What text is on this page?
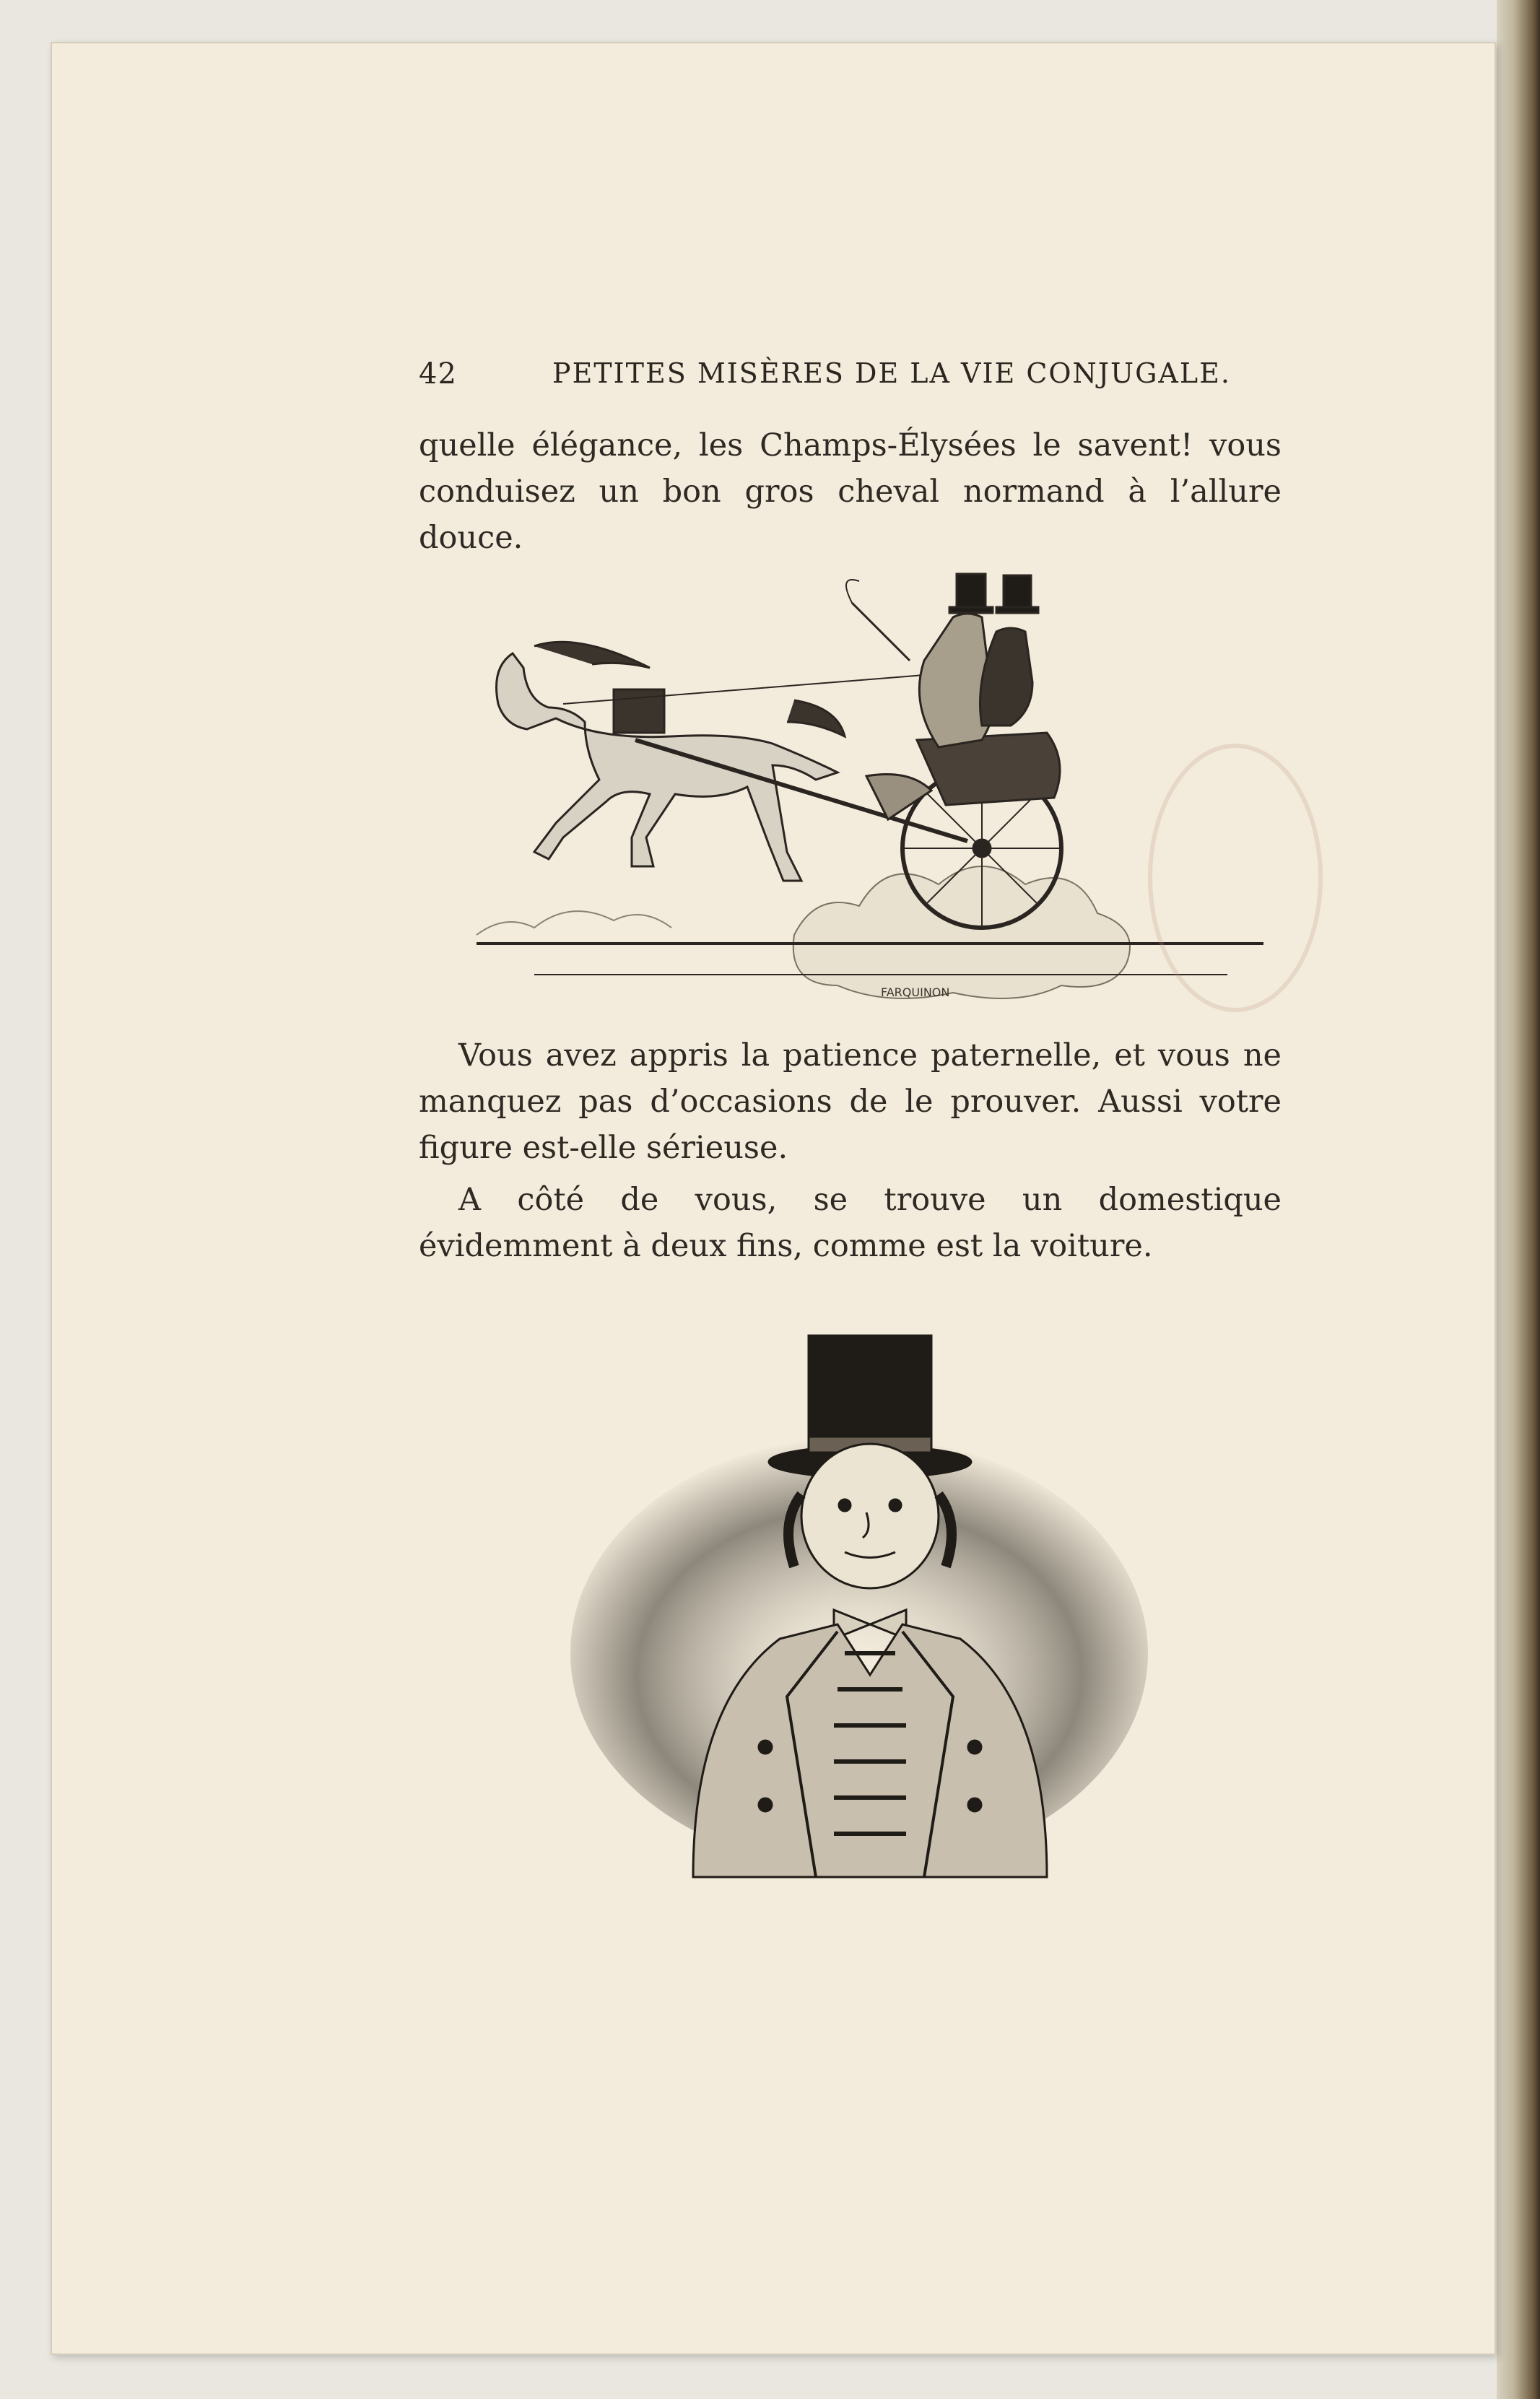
42	PETITES MISÈRES DE LA VIE CONJUGALE.
quelle élégance, les Champs-Élysées le savent! vous conduisez un bon gros cheval normand à l’allure douce.
FARQUINON
Vous avez appris la patience paternelle, et vous ne manquez pas d’occasions de le prouver. Aussi votre figure est-elle sérieuse.
A côté de vous, se trouve un domestique évidemment à deux fins, comme est la voiture.
